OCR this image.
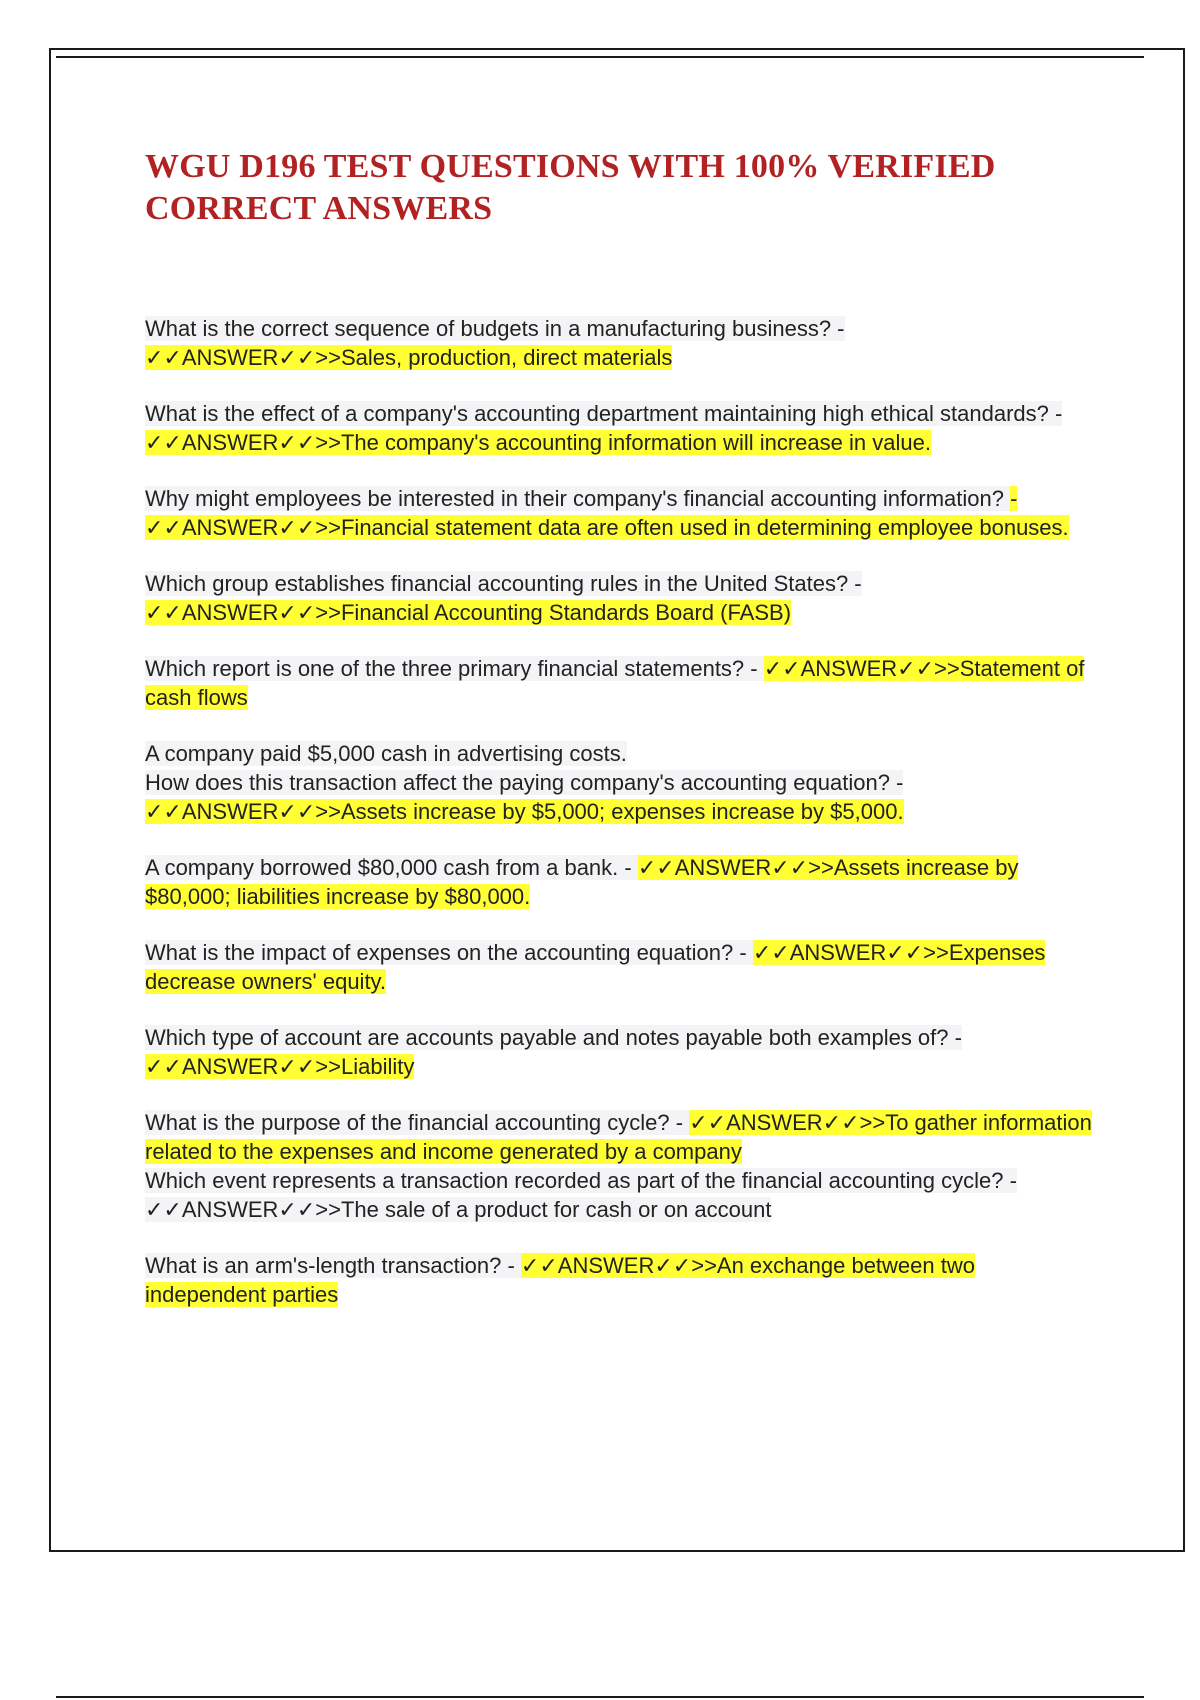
WGU D196 TEST QUESTIONS WITH 100% VERIFIED CORRECT ANSWERS

What is the correct sequence of budgets in a manufacturing business? - ✓✓ANSWER✓✓>>Sales, production, direct materials

What is the effect of a company's accounting department maintaining high ethical standards? - ✓✓ANSWER✓✓>>The company's accounting information will increase in value.

Why might employees be interested in their company's financial accounting information? - ✓✓ANSWER✓✓>>Financial statement data are often used in determining employee bonuses.

Which group establishes financial accounting rules in the United States? - ✓✓ANSWER✓✓>>Financial Accounting Standards Board (FASB)

Which report is one of the three primary financial statements? - ✓✓ANSWER✓✓>>Statement of cash flows

A company paid $5,000 cash in advertising costs.
How does this transaction affect the paying company's accounting equation? - ✓✓ANSWER✓✓>>Assets increase by $5,000; expenses increase by $5,000.

A company borrowed $80,000 cash from a bank. - ✓✓ANSWER✓✓>>Assets increase by $80,000; liabilities increase by $80,000.

What is the impact of expenses on the accounting equation? - ✓✓ANSWER✓✓>>Expenses decrease owners' equity.

Which type of account are accounts payable and notes payable both examples of? - ✓✓ANSWER✓✓>>Liability

What is the purpose of the financial accounting cycle? - ✓✓ANSWER✓✓>>To gather information related to the expenses and income generated by a company
Which event represents a transaction recorded as part of the financial accounting cycle? - ✓✓ANSWER✓✓>>The sale of a product for cash or on account

What is an arm's-length transaction? - ✓✓ANSWER✓✓>>An exchange between two independent parties
